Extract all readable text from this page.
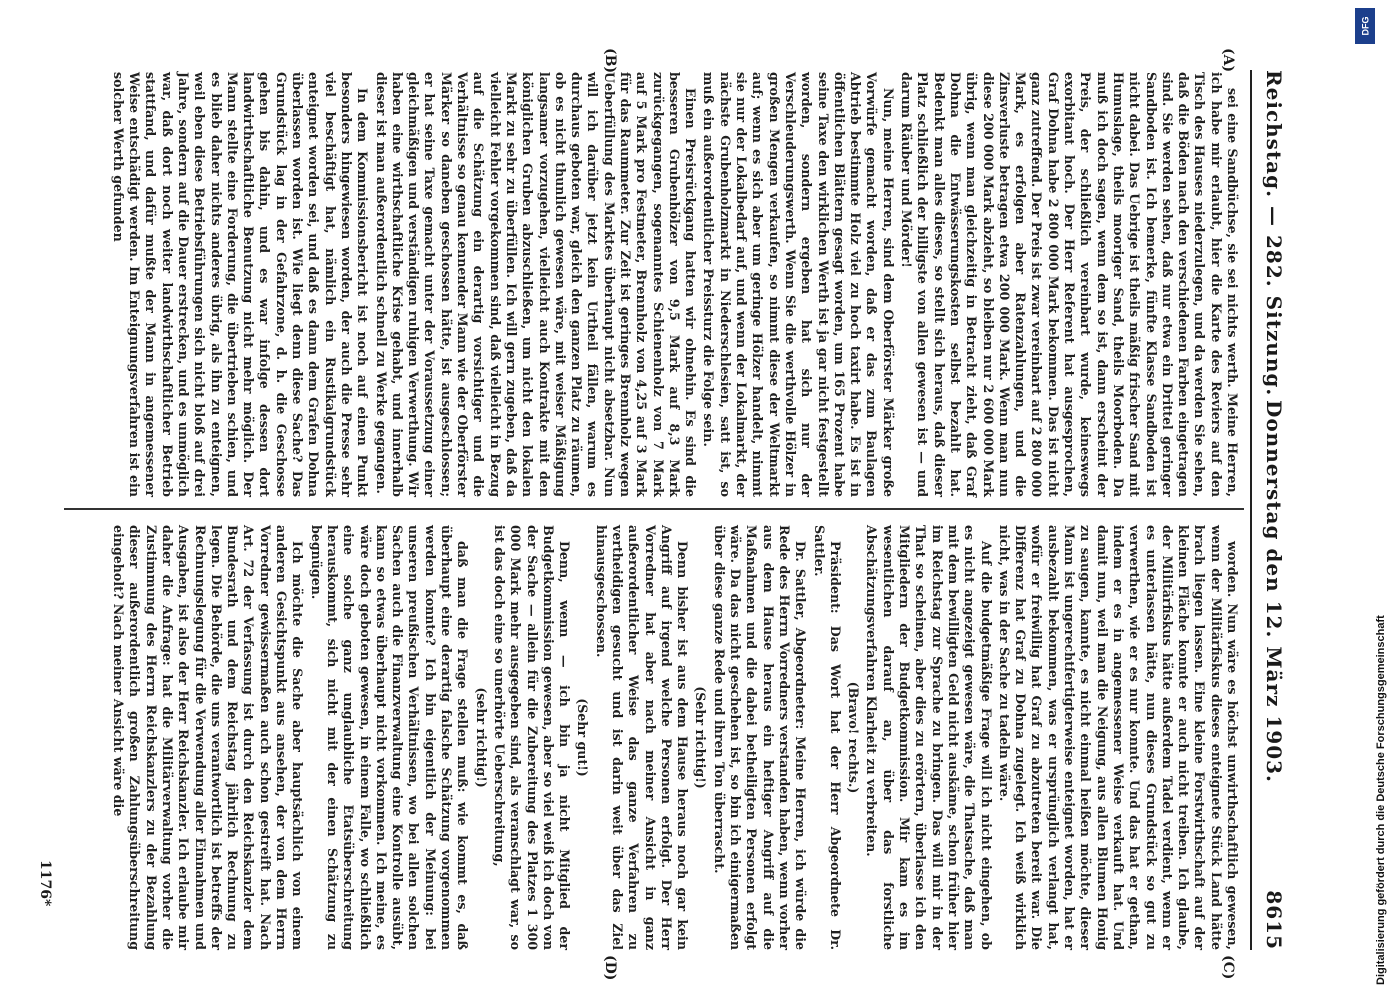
Reichstag. — 282. Sitzung.
Donnerstag den 12. März 1903.
8615
(A)
(B)
(C)
(D)

sei eine Sandbüchse, sie sei nichts werth. Meine Herren, ich habe mir erlaubt, hier die Karte des Reviers auf den Tisch des Hauses niederzulegen, und da werden Sie sehen, daß die Böden nach den verschiedenen Farben eingetragen sind. Sie werden sehen, daß nur etwa ein Drittel geringer Sandboden ist. Ich bemerke, fünfte Klasse Sandboden ist nicht dabei. Das Uebrige ist theils mäßig frischer Sand mit Humuslage, theils mooriger Sand, theils Moorboden. Da muß ich doch sagen, wenn dem so ist, dann erscheint der Preis, der schließlich vereinbart wurde, keineswegs exorbitant hoch. Der Herr Referent hat ausgesprochen, Graf Dohna habe 2 800 000 Mark bekommen. Das ist nicht ganz zutreffend. Der Preis ist zwar vereinbart auf 2 800 000 Mark, es erfolgen aber Ratenzahlungen, und die Zinsverluste betragen etwa 200 000 Mark. Wenn man nun diese 200 000 Mark abzieht, so bleiben nur 2 600 000 Mark übrig, wenn man gleichzeitig in Betracht zieht, daß Graf Dohna die Entwässerungskosten selbst bezahlt hat. Bedenkt man alles dieses, so stellt sich heraus, daß dieser Platz schließlich der billigste von allen gewesen ist — und darum Räuber und Mörder!

Nun, meine Herren, sind dem Oberförster Märker große Vorwürfe gemacht worden, daß er das zum Baulagen Abtrieb bestimmte Holz viel zu hoch taxirt habe. Es ist in öffentlichen Blättern gesagt worden, um 165 Prozent habe seine Taxe den wirklichen Werth ist ja gar nicht festgestellt worden, sondern ergeben hat sich nur der Verschleuderungswerth. Wenn Sie die werthvolle Hölzer in großen Mengen verkaufen, so nimmt diese der Weltmarkt auf; wenn es sich aber um geringe Hölzer handelt, nimmt sie nur der Lokalbedarf auf, und wenn der Lokalmarkt, der nächste Grubenholzmarkt in Niederschlesien, satt ist, so muß ein außerordentlicher Preissturz die Folge sein.

Einen Preisrückgang hatten wir ohnehin. Es sind die besseren Grubenhölzer von 9,5 Mark auf 8,3 Mark zurückgegangen, sogenanntes Schienenholz von 7 Mark auf 5 Mark pro Festmeter, Brennholz von 4,25 auf 3 Mark für das Raummeter. Zur Zeit ist geringes Brennholz wegen Ueberfüllung des Marktes überhaupt nicht absetzbar. Nun will ich darüber jetzt kein Urtheil fällen, warum es durchaus geboten war, gleich den ganzen Platz zu räumen, ob es nicht thunlich gewesen wäre, mit weiser Mäßigung langsamer vorzugehen, vielleicht auch Kontrakte mit den königlichen Gruben abzuschließen, um nicht den lokalen Markt zu sehr zu überfüllen. Ich will gern zugeben, daß da vielleicht Fehler vorgekommen sind, daß vielleicht in Bezug auf die Schätzung ein derartig vorsichtiger und die Verhältnisse so genau kennender Mann wie der Oberförster Märker so daneben geschossen hätte, ist ausgeschlossen; er hat seine Taxe gemacht unter der Voraussetzung einer gleichmäßigen und verständigen ruhigen Verwerthung. Wir haben eine wirthschaftliche Krise gehabt, und innerhalb dieser ist man außerordentlich schnell zu Werke gegangen.

In dem Kommissionsbericht ist noch auf einen Punkt besonders hingewiesen worden, der auch die Presse sehr viel beschäftigt hat, nämlich ein Rustikalgrundstück enteignet worden sei, und daß es dann dem Grafen Dohna überlassen worden ist. Wie liegt denn diese Sache? Das Grundstück lag in der Gefahrzone, d. h. die Geschosse gehen bis dahin, und es war infolge dessen dort landwirthschaftliche Benutzung nicht mehr möglich. Der Mann stellte eine Forderung, die übertrieben schien, und es blieb daher nichts anderes übrig, als ihn zu enteignen, weil eben diese Betriebsführungen sich nicht bloß auf drei Jahre, sondern auf die Dauer erstrecken, und es unmöglich war, daß dort noch weiter landwirthschaftlicher Betrieb stattfand, und dafür mußte der Mann in angemessener Weise entschädigt werden. Im Enteignungsverfahren ist ein solcher Werth gefunden

worden. Nun wäre es höchst unwirthschaftlich gewesen, wenn der Militärfiskus dieses enteignete Stück Land hätte brach liegen lassen. Eine kleine Forstwirthschaft auf der kleinen Fläche konnte er auch nicht treiben. Ich glaube, der Militärfiskus hätte außerdem Tadel verdient, wenn er es unterlassen hätte, nun dieses Grundstück so gut zu verwerthen, wie er es nur konnte. Und das hat er gethan, indem er es in angemessener Weise verkauft hat. Und damit nun, weil man die Neigung, aus allen Blumen Honig zu saugen, kannte, es nicht einmal heißen möchte, dieser Mann ist ungerechtfertigterweise enteignet worden, hat er ausbezahlt bekommen, was er ursprünglich verlangt hat, wofür er freiwillig hat Graf zu abzutreten bereit war. Die Differenz hat Graf zu Dohna zugelegt. Ich weiß wirklich nicht, was in der Sache zu tadeln wäre.

Auf die budgetmäßige Frage will ich nicht eingehen, ob es nicht angezeigt gewesen wäre, die Thatsache, daß man mit dem bewilligten Geld nicht auskäme, schon früher hier im Reichstag zur Sprache zu bringen. Das will mir in der That so scheinen, aber dies zu erörtern, überlasse ich den Mitgliedern der Budgetkommission. Mir kam es im wesentlichen darauf an, über das forstliche Abschätzungsverfahren Klarheit zu verbreiten.

(Bravo! rechts.)

Präsident: Das Wort hat der Herr Abgeordnete Dr. Sattler.

Dr. Sattler, Abgeordneter: Meine Herren, ich würde die Rede des Herrn Vorredners verstanden haben, wenn vorher aus dem Hause heraus ein heftiger Angriff auf die Maßnahmen und die dabei betheiligten Personen erfolgt wäre. Da das nicht geschehen ist, so bin ich einigermaßen über diese ganze Rede und ihren Ton überrascht.

(Sehr richtig!)

Denn bisher ist aus dem Hause heraus noch gar kein Angriff auf irgend welche Personen erfolgt. Der Herr Vorredner hat aber nach meiner Ansicht in ganz außerordentlicher Weise das ganze Verfahren zu vertheidigen gesucht und ist darin weit über das Ziel hinausgeschossen.

(Sehr gut!)

Denn, wenn — ich bin ja nicht Mitglied der Budgetkommission gewesen, aber so viel weiß ich doch von der Sache — allein für die Zubereitung des Platzes 1 300 000 Mark mehr ausgegeben sind, als veranschlagt war, so ist das doch eine so unerhörte Ueberschreitung,

(sehr richtig!)

daß man die Frage stellen muß: wie kommt es, daß überhaupt eine derartig falsche Schätzung vorgenommen werden konnte? Ich bin eigentlich der Meinung: bei unseren preußischen Verhältnissen, wo bei allen solchen Sachen auch die Finanzverwaltung eine Kontrolle ausübt, kann so etwas überhaupt nicht vorkommen. Ich meine, es wäre doch geboten gewesen, in einem Falle, wo schließlich eine solche ganz unglaubliche Etatsüberschreitung herauskommt, sich nicht mit der einen Schätzung zu begnügen.

Ich möchte die Sache aber hauptsächlich von einem anderen Gesichtspunkt aus ansehen, der von dem Herrn Vorredner gewissermaßen auch schon gestreift hat. Nach Art. 72 der Verfassung ist durch den Reichskanzler dem Bundesrath und dem Reichstag jährlich Rechnung zu legen. Die Behörde, die uns verantwortlich ist betreffs der Rechnungslegung für die Verwendung aller Einnahmen und Ausgaben, ist also der Herr Reichskanzler. Ich erlaube mir daher die Anfrage: hat die Militärverwaltung vorher die Zustimmung des Herrn Reichskanzlers zu der Bezahlung dieser außerordentlich großen Zahlungsüberschreitung eingeholt? Nach meiner Ansicht wäre die

1176*
DFG
Digitalisierung gefördert durch die Deutsche Forschungsgemeinschaft
